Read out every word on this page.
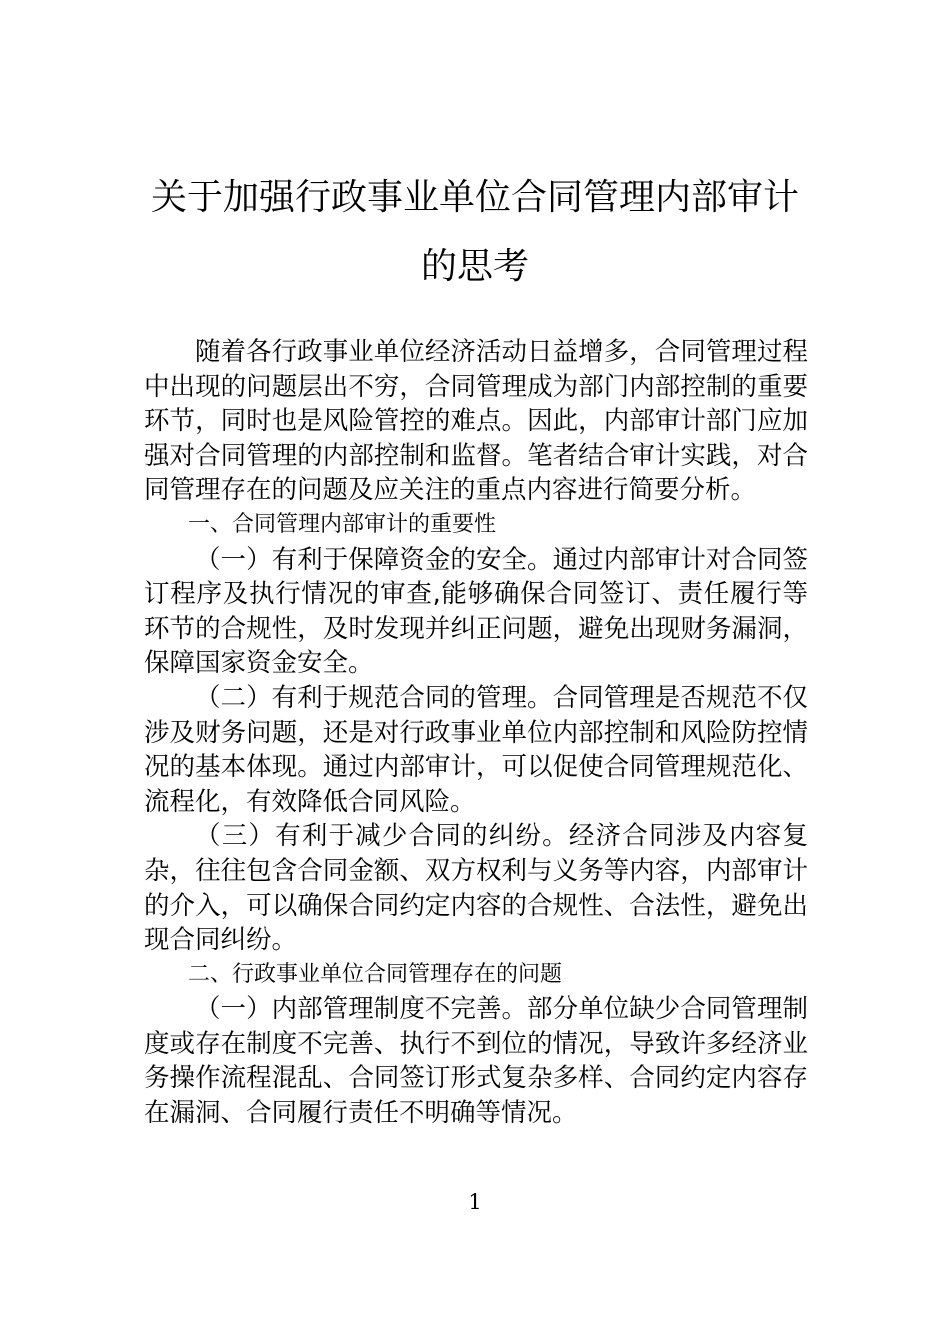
关于加强行政事业单位合同管理内部审计
的思考

随着各行政事业单位经济活动日益增多，合同管理过程中出现的问题层出不穷，合同管理成为部门内部控制的重要环节，同时也是风险管控的难点。因此，内部审计部门应加强对合同管理的内部控制和监督。笔者结合审计实践，对合同管理存在的问题及应关注的重点内容进行简要分析。

一、合同管理内部审计的重要性

（一）有利于保障资金的安全。通过内部审计对合同签订程序及执行情况的审查,能够确保合同签订、责任履行等环节的合规性，及时发现并纠正问题，避免出现财务漏洞，保障国家资金安全。

（二）有利于规范合同的管理。合同管理是否规范不仅涉及财务问题，还是对行政事业单位内部控制和风险防控情况的基本体现。通过内部审计，可以促使合同管理规范化、流程化，有效降低合同风险。

（三）有利于减少合同的纠纷。经济合同涉及内容复杂，往往包含合同金额、双方权利与义务等内容，内部审计的介入，可以确保合同约定内容的合规性、合法性，避免出现合同纠纷。

二、行政事业单位合同管理存在的问题

（一）内部管理制度不完善。部分单位缺少合同管理制度或存在制度不完善、执行不到位的情况，导致许多经济业务操作流程混乱、合同签订形式复杂多样、合同约定内容存在漏洞、合同履行责任不明确等情况。

1
